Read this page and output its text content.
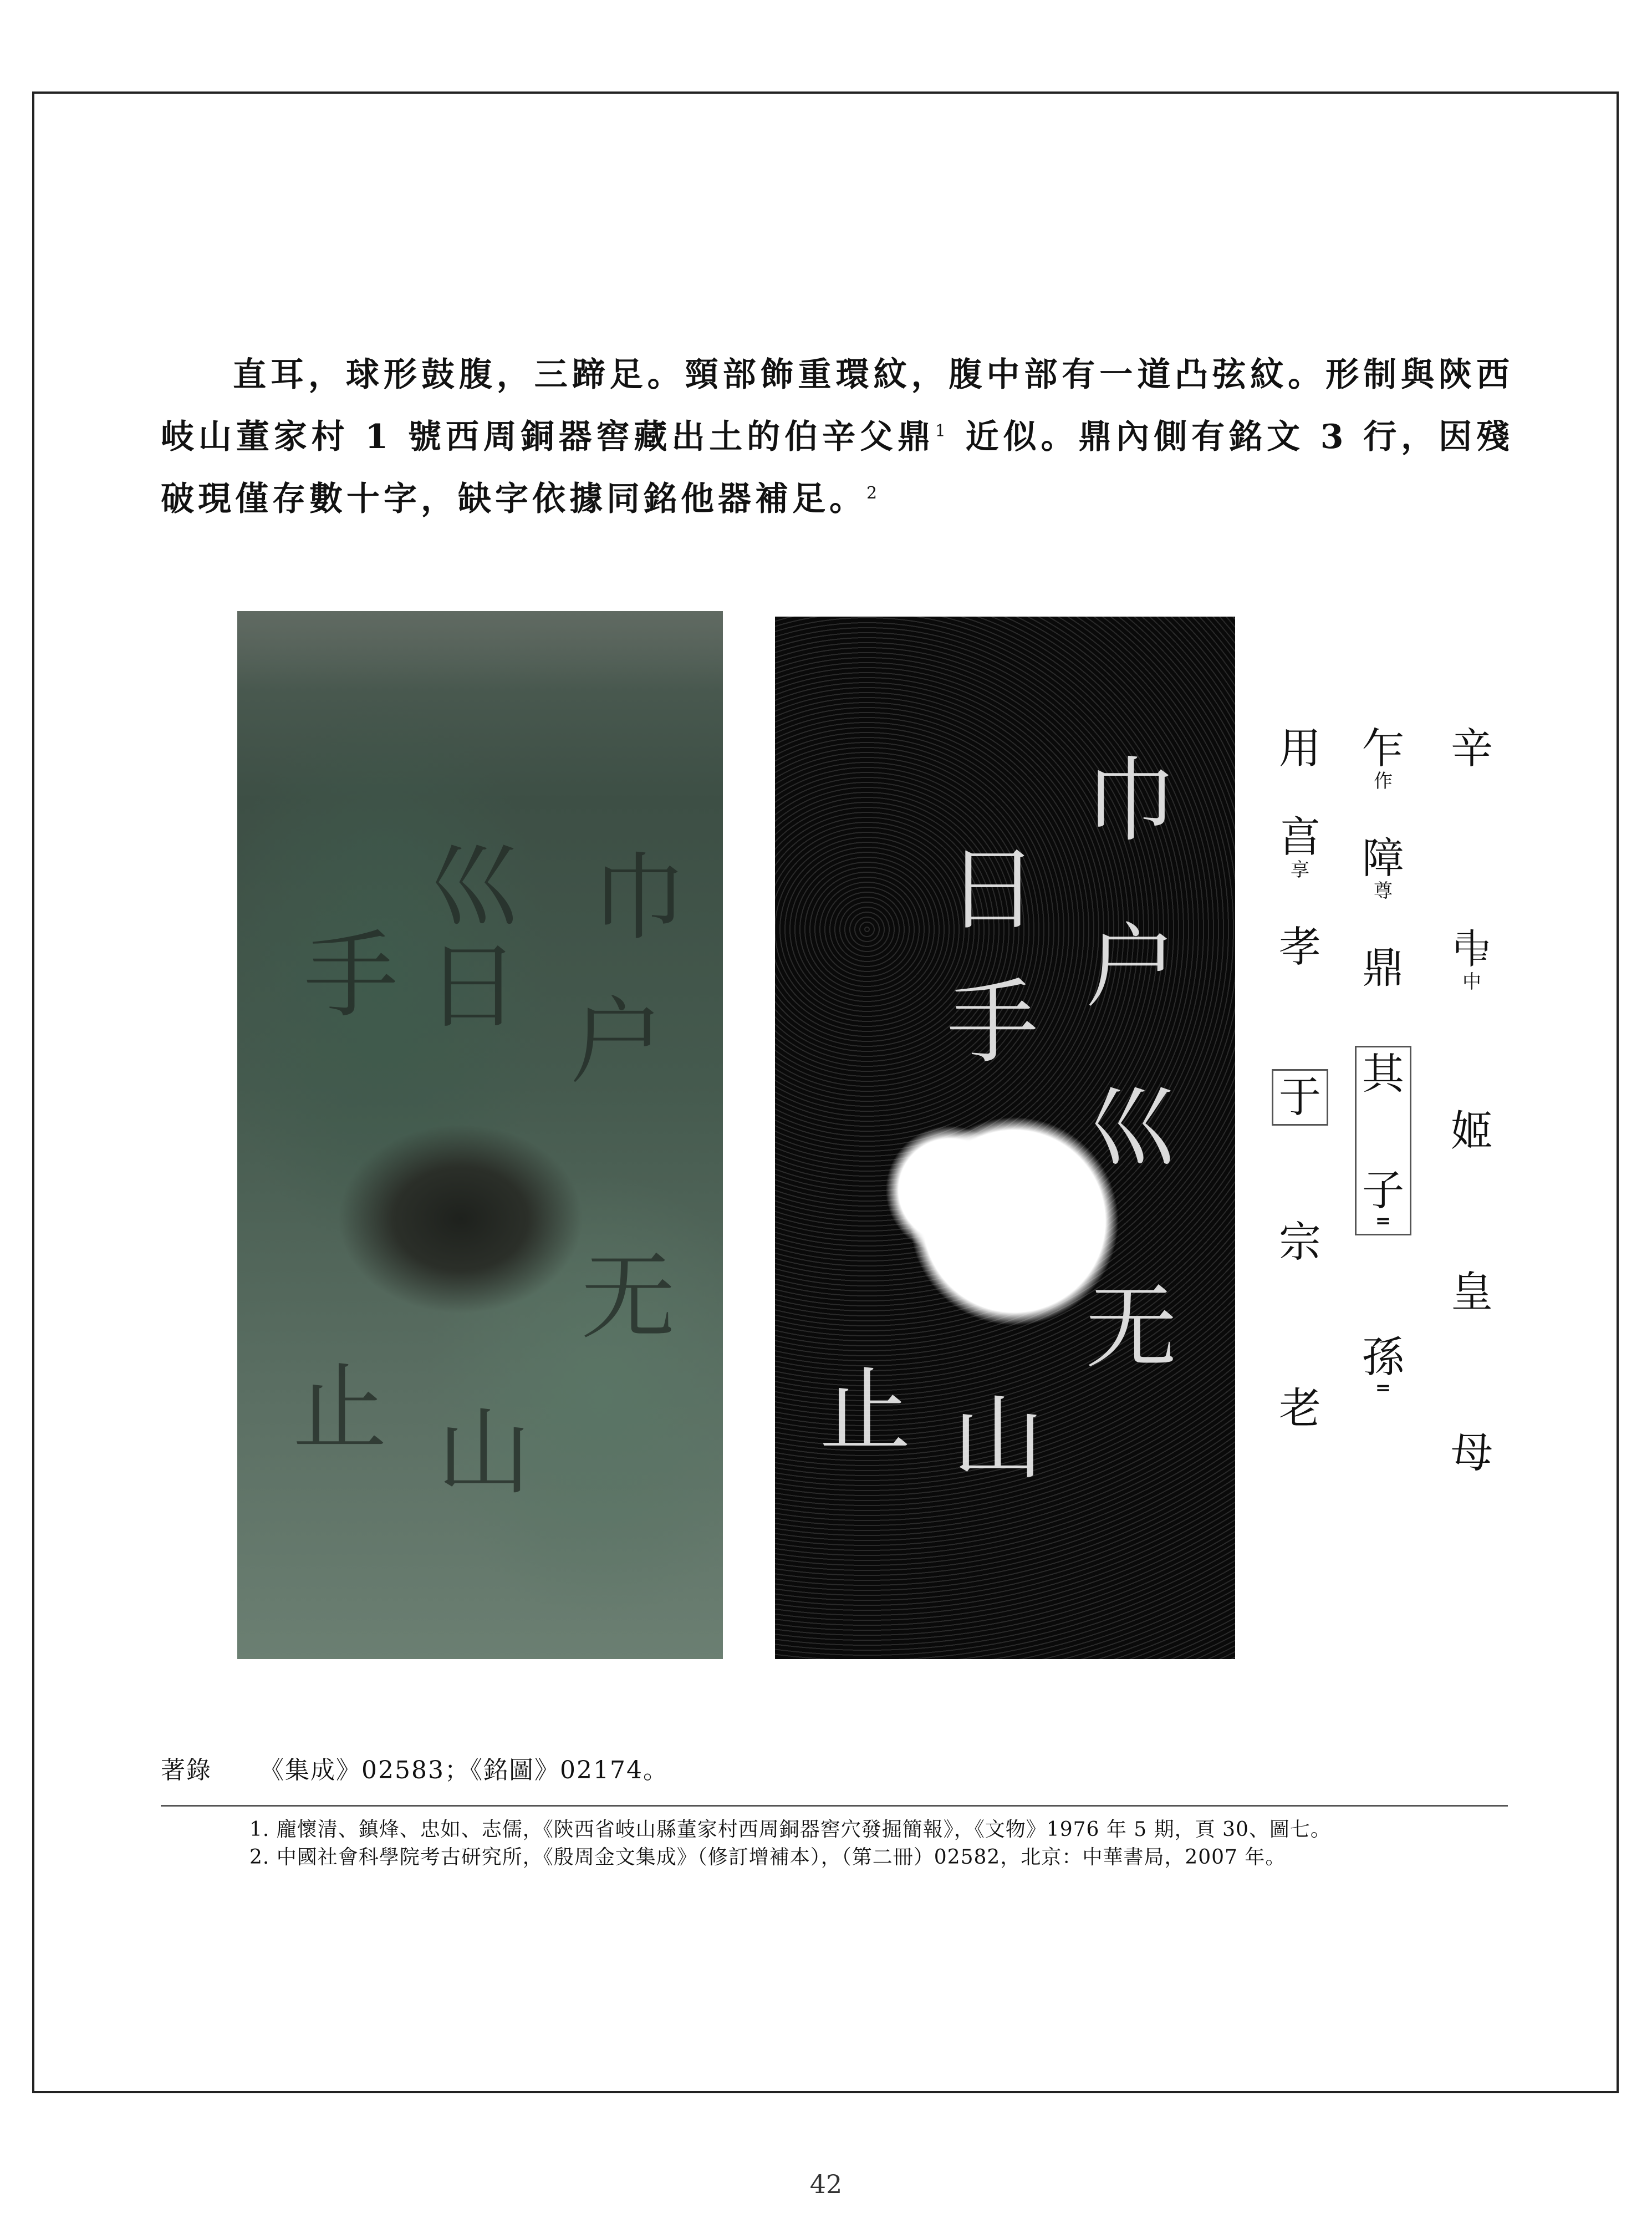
直耳，球形鼓腹，三蹄足。頸部飾重環紋，腹中部有一道凸弦紋。形制與陝西岐山董家村 1 號西周銅器窖藏出土的伯辛父鼎$^1$ 近似。鼎內側有銘文 3 行，因殘破現僅存數十字，缺字依據同銘他器補足。$^2$

⼱
⼾
⼮
⽇
⼿
⽆
⼭
⽌
⼱
⼾
⼮
⽇
⼿
⽆
⼭
⽌
辛
𠁩
中
姬
皇
母
乍
作
障
尊
鼎
其
子
=
孫
=
用
亯
享
孝
于
宗
老
著錄 《集成》02583；《銘圖》02174。
1. 龐懷清、鎮烽、忠如、志儒，《陝西省岐山縣董家村西周銅器窖穴發掘簡報》，《文物》1976 年 5 期，頁 30、圖七。
2. 中國社會科學院考古研究所，《殷周金文集成》（修訂增補本），（第二冊）02582，北京：中華書局，2007 年。
42
